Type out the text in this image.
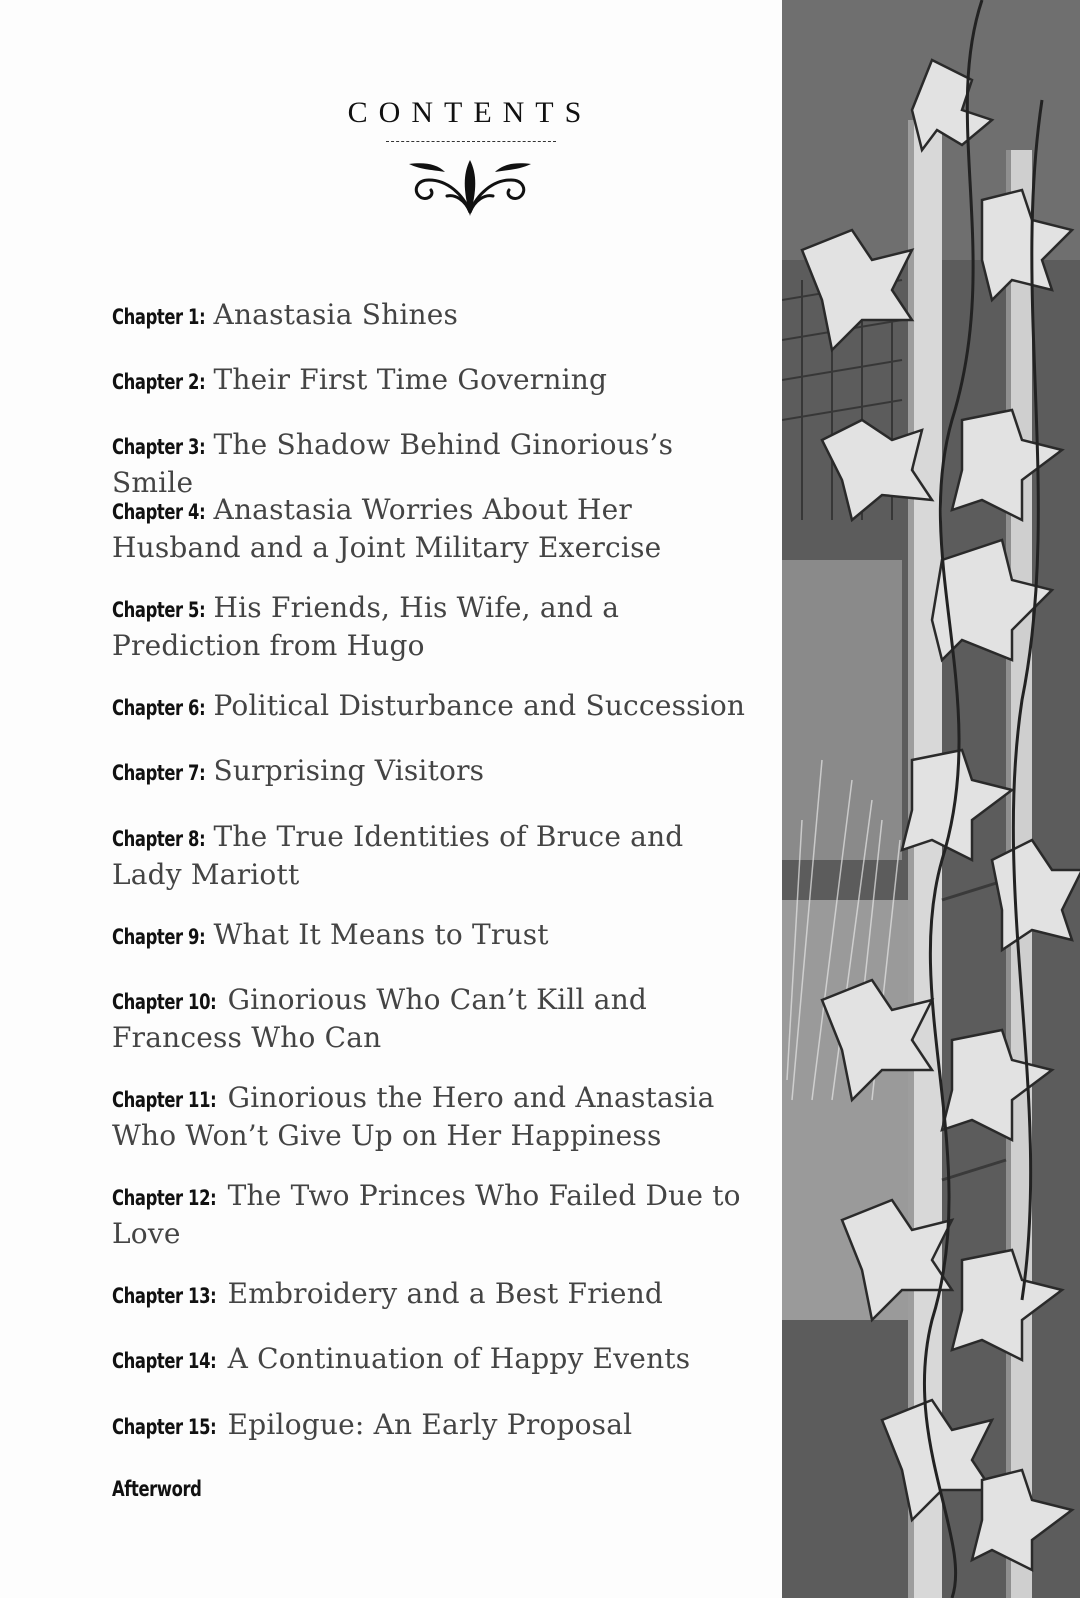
CONTENTS
Chapter 1: Anastasia Shines
Chapter 2: Their First Time Governing
Chapter 3: The Shadow Behind Ginorious’s Smile
Chapter 4: Anastasia Worries About Her Husband and a Joint Military Exercise
Chapter 5: His Friends, His Wife, and a Prediction from Hugo
Chapter 6: Political Disturbance and Succession
Chapter 7: Surprising Visitors
Chapter 8: The True Identities of Bruce and Lady Mariott
Chapter 9: What It Means to Trust
Chapter 10: Ginorious Who Can’t Kill and Francess Who Can
Chapter 11: Ginorious the Hero and Anastasia Who Won’t Give Up on Her Happiness
Chapter 12: The Two Princes Who Failed Due to Love
Chapter 13: Embroidery and a Best Friend
Chapter 14: A Continuation of Happy Events
Chapter 15: Epilogue: An Early Proposal
Afterword
